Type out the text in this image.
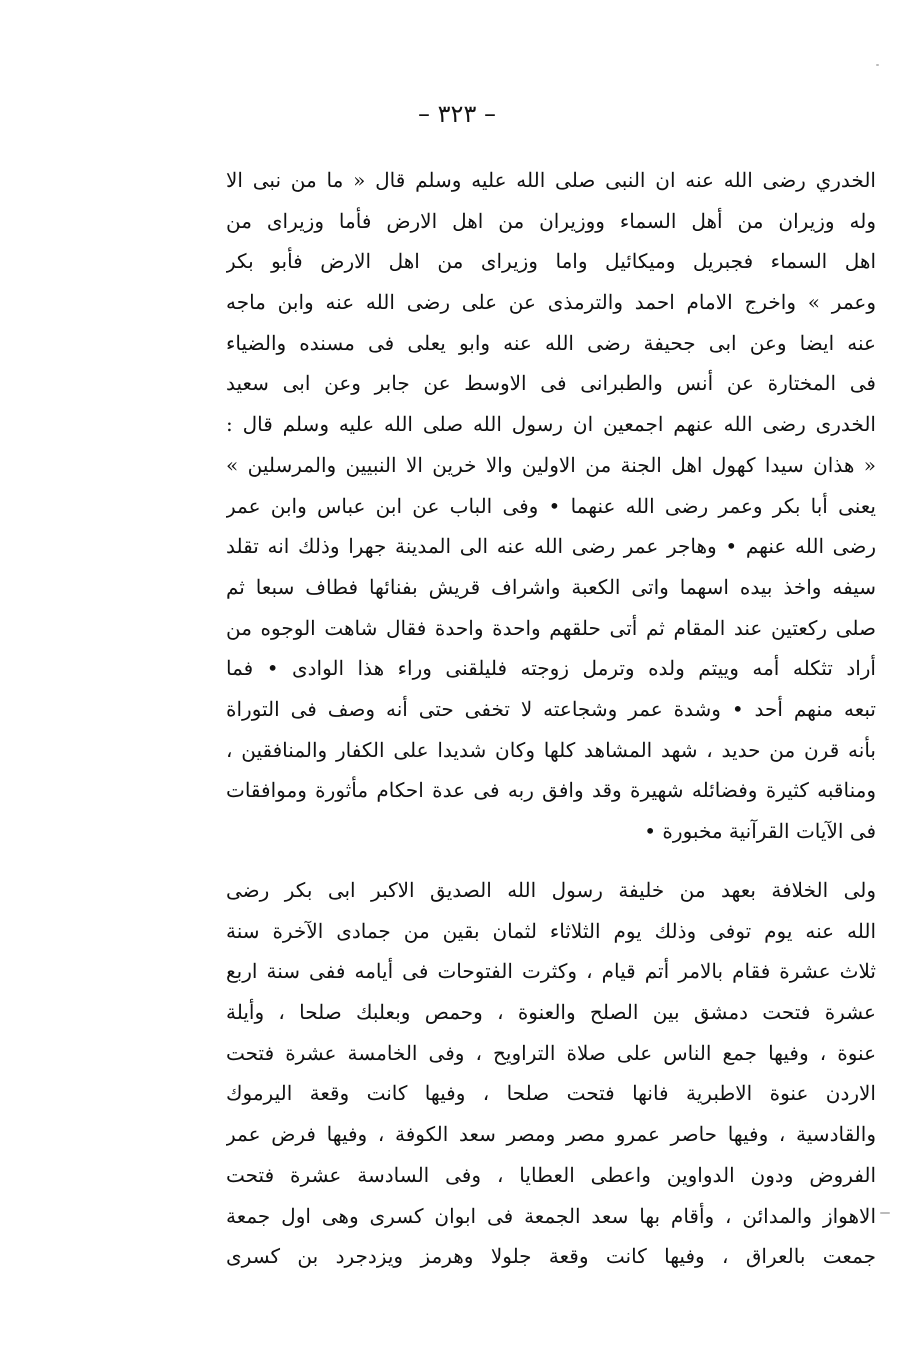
– ٣٢٣ –
الخدري رضى الله عنه ان النبى صلى الله عليه وسلم قال « ما من نبى الا
وله وزيران من أهل السماء ووزيران من اهل الارض فأما وزيراى من
اهل السماء فجبريل وميكائيل واما وزيراى من اهل الارض فأبو بكر
وعمر » واخرج الامام احمد والترمذى عن على رضى الله عنه وابن ماجه
عنه ايضا وعن ابى جحيفة رضى الله عنه وابو يعلى فى مسنده والضياء
فى المختارة عن أنس والطبرانى فى الاوسط عن جابر وعن ابى سعيد
الخدرى رضى الله عنهم اجمعين ان رسول الله صلى الله عليه وسلم قال :
« هذان سيدا كهول اهل الجنة من الاولين والا خرين الا النبيين والمرسلين »
يعنى أبا بكر وعمر رضى الله عنهما • وفى الباب عن ابن عباس وابن عمر
رضى الله عنهم • وهاجر عمر رضى الله عنه الى المدينة جهرا وذلك انه تقلد
سيفه واخذ بيده اسهما واتى الكعبة واشراف قريش بفنائها فطاف سبعا ثم
صلى ركعتين عند المقام ثم أتى حلقهم واحدة واحدة فقال شاهت الوجوه من
أراد تثكله أمه وييتم ولده وترمل زوجته فليلقنى وراء هذا الوادى • فما
تبعه منهم أحد • وشدة عمر وشجاعته لا تخفى حتى أنه وصف فى التوراة
بأنه قرن من حديد ، شهد المشاهد كلها وكان شديدا على الكفار والمنافقين ،
ومناقبه كثيرة وفضائله شهيرة وقد وافق ربه فى عدة احكام مأثورة وموافقات
فى الآيات القرآنية مخبورة •
ولى الخلافة بعهد من خليفة رسول الله الصديق الاكبر ابى بكر رضى
الله عنه يوم توفى وذلك يوم الثلاثاء لثمان بقين من جمادى الآخرة سنة
ثلاث عشرة فقام بالامر أتم قيام ، وكثرت الفتوحات فى أيامه ففى سنة اربع
عشرة فتحت دمشق بين الصلح والعنوة ، وحمص وبعلبك صلحا ، وأيلة
عنوة ، وفيها جمع الناس على صلاة التراويح ، وفى الخامسة عشرة فتحت
الاردن عنوة الاطبرية فانها فتحت صلحا ، وفيها كانت وقعة اليرموك
والقادسية ، وفيها حاصر عمرو مصر ومصر سعد الكوفة ، وفيها فرض عمر
الفروض ودون الدواوين واعطى العطايا ، وفى السادسة عشرة فتحت
الاهواز والمدائن ، وأقام بها سعد الجمعة فى ابوان كسرى وهى اول جمعة
جمعت بالعراق ، وفيها كانت وقعة جلولا وهرمز ويزدجرد بن كسرى
